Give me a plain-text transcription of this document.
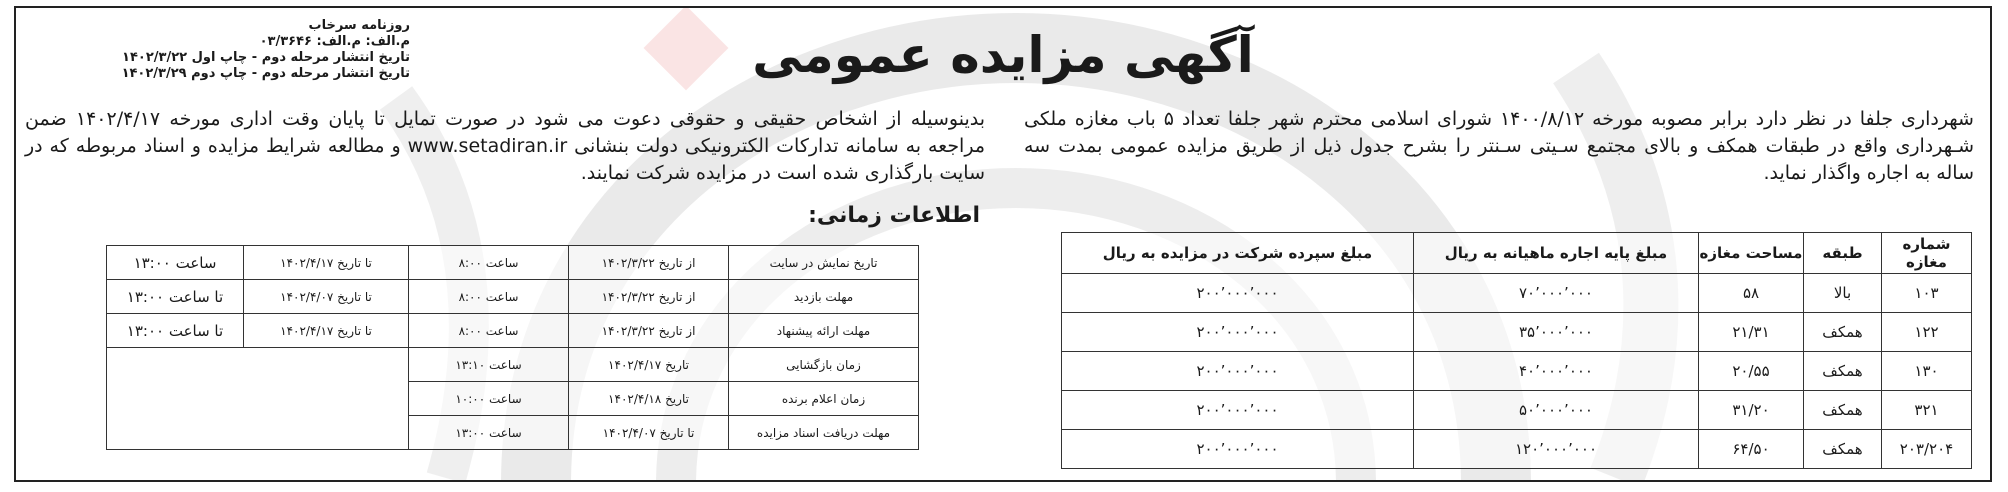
روزنامه سرخاب
م.الف: م.الف: ۰۳/۳۶۴۶
تاریخ انتشار مرحله دوم - چاپ اول ۱۴۰۲/۳/۲۲
تاریخ انتشار مرحله دوم - چاپ دوم ۱۴۰۲/۳/۲۹	آگهی مزایده عمومی
شهرداری جلفا در نظر دارد برابر مصوبه مورخه ۱۴۰۰/۸/۱۲ شورای اسلامی محترم شهر جلفا تعداد ۵ باب مغازه ملکی شـهرداری واقع در طبقات همکف و بالای مجتمع سـیتی سـنتر را بشرح جدول ذیل از طریق مزایده عمومی بمدت سه ساله به اجاره واگذار نماید.
بدینوسیله از اشخاص حقیقی و حقوقی دعوت می شود در صورت تمایل تا پایان وقت اداری مورخه ۱۴۰۲/۴/۱۷ ضمن مراجعه به سامانه تدارکات الکترونیکی دولت بنشانی www.setadiran.ir و مطالعه شرایط مزایده و اسناد مربوطه که در سایت بارگذاری شده است در مزایده شرکت نمایند.
اطلاعات زمانی:
شماره مغازه	طبقه	مساحت مغازه	مبلغ پایه اجاره ماهیانه به ریال	مبلغ سپرده شرکت در مزایده به ریال
۱۰۳	بالا	۵۸	۷۰٬۰۰۰٬۰۰۰	۲۰۰٬۰۰۰٬۰۰۰
۱۲۲	همکف	۲۱/۳۱	۳۵٬۰۰۰٬۰۰۰	۲۰۰٬۰۰۰٬۰۰۰
۱۳۰	همکف	۲۰/۵۵	۴۰٬۰۰۰٬۰۰۰	۲۰۰٬۰۰۰٬۰۰۰
۳۲۱	همکف	۳۱/۲۰	۵۰٬۰۰۰٬۰۰۰	۲۰۰٬۰۰۰٬۰۰۰
۲۰۳/۲۰۴	همکف	۶۴/۵۰	۱۲۰٬۰۰۰٬۰۰۰	۲۰۰٬۰۰۰٬۰۰۰
تاریخ نمایش در سایت	از تاریخ ۱۴۰۲/۳/۲۲	ساعت ۸:۰۰	تا تاریخ ۱۴۰۲/۴/۱۷	ساعت ۱۳:۰۰
مهلت بازدید	از تاریخ ۱۴۰۲/۳/۲۲	ساعت ۸:۰۰	تا تاریخ ۱۴۰۲/۴/۰۷	تا ساعت ۱۳:۰۰
مهلت ارائه پیشنهاد	از تاریخ ۱۴۰۲/۳/۲۲	ساعت ۸:۰۰	تا تاریخ ۱۴۰۲/۴/۱۷	تا ساعت ۱۳:۰۰
زمان بازگشایی	تاریخ ۱۴۰۲/۴/۱۷	ساعت ۱۳:۱۰		
زمان اعلام برنده	تاریخ ۱۴۰۲/۴/۱۸	ساعت ۱۰:۰۰		
مهلت دریافت اسناد مزایده	تا تاریخ ۱۴۰۲/۴/۰۷	ساعت ۱۳:۰۰		
